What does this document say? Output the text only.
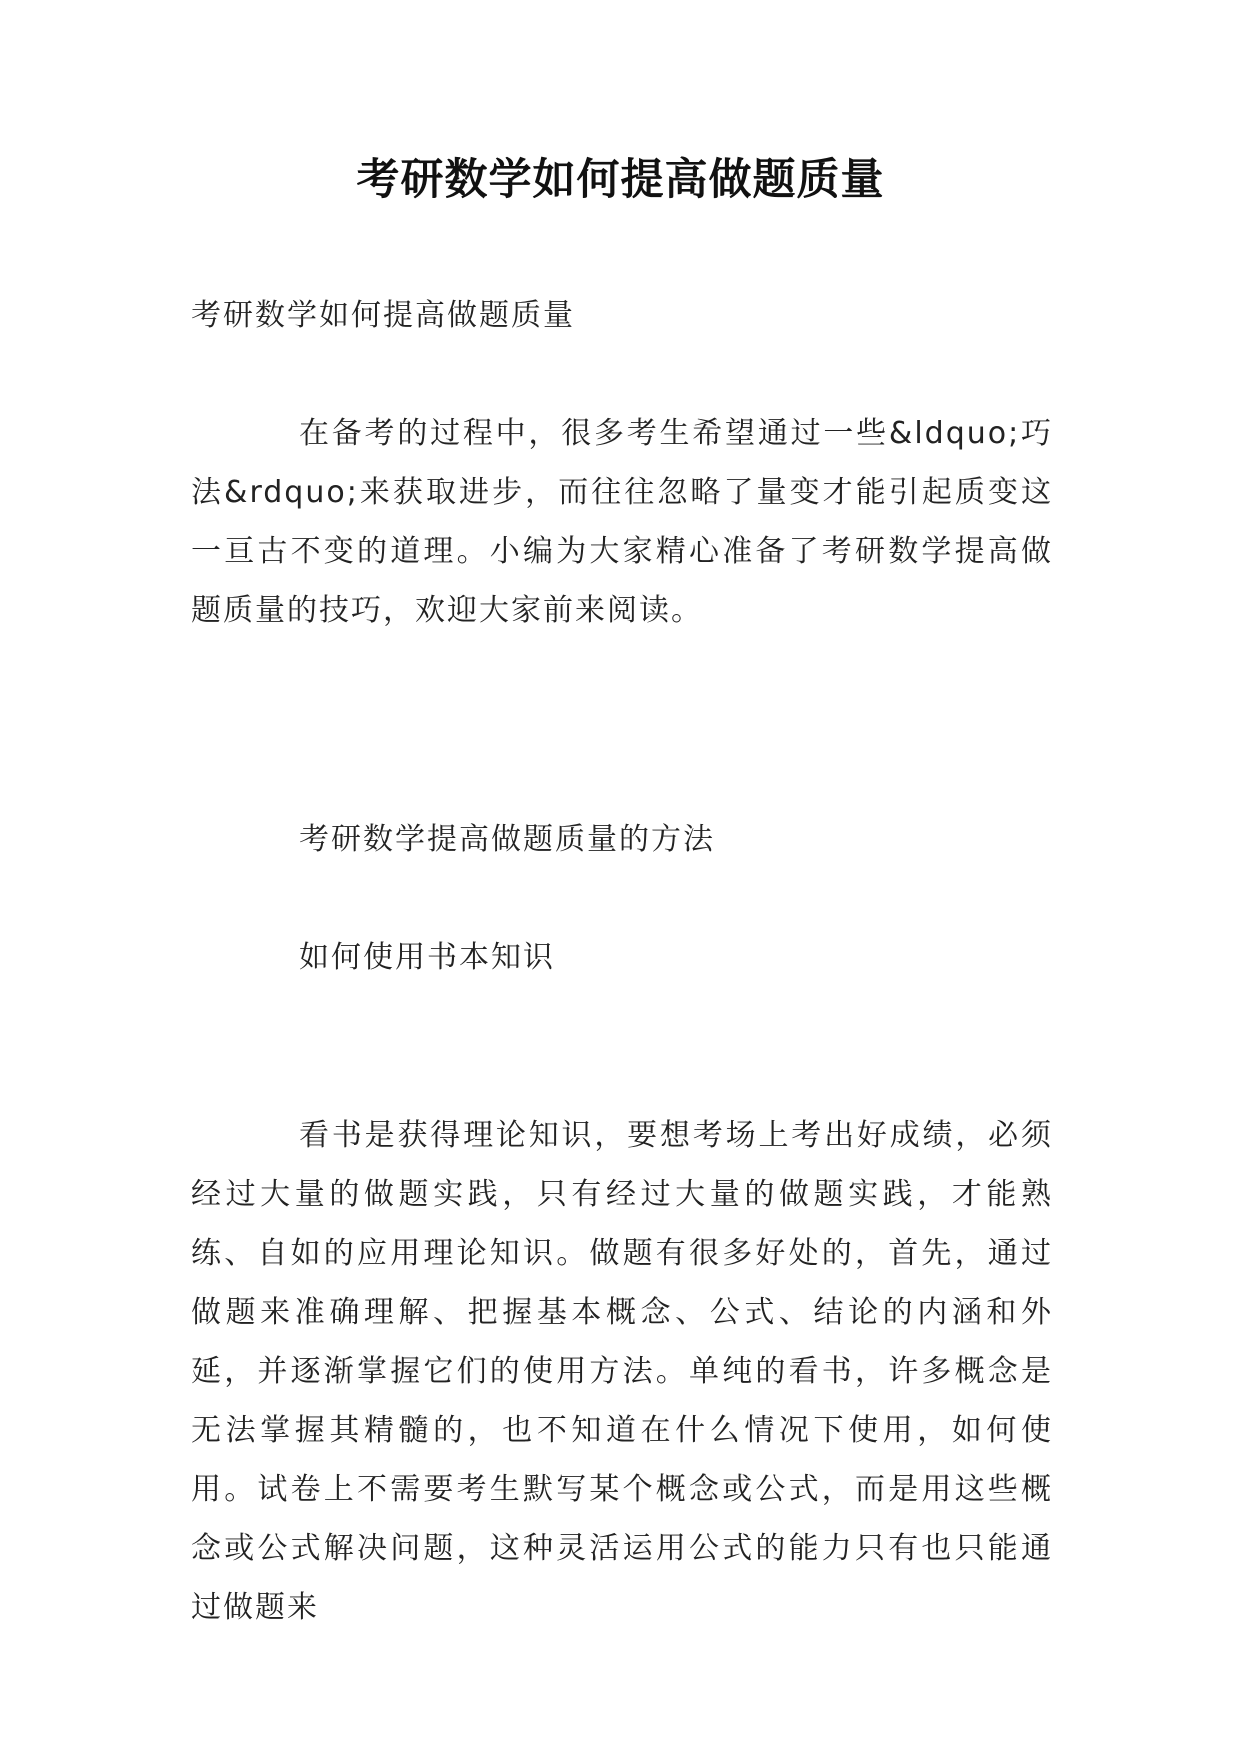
考研数学如何提高做题质量

考研数学如何提高做题质量

在备考的过程中，很多考生希望通过一些&ldquo;巧法&rdquo;来获取进步，而往往忽略了量变才能引起质变这一亘古不变的道理。小编为大家精心准备了考研数学提高做题质量的技巧，欢迎大家前来阅读。

考研数学提高做题质量的方法

如何使用书本知识

看书是获得理论知识，要想考场上考出好成绩，必须经过大量的做题实践，只有经过大量的做题实践，才能熟练、自如的应用理论知识。做题有很多好处的，首先，通过做题来准确理解、把握基本概念、公式、结论的内涵和外延，并逐渐掌握它们的使用方法。单纯的看书，许多概念是无法掌握其精髓的，也不知道在什么情况下使用，如何使用。试卷上不需要考生默写某个概念或公式，而是用这些概念或公式解决问题，这种灵活运用公式的能力只有也只能通过做题来
